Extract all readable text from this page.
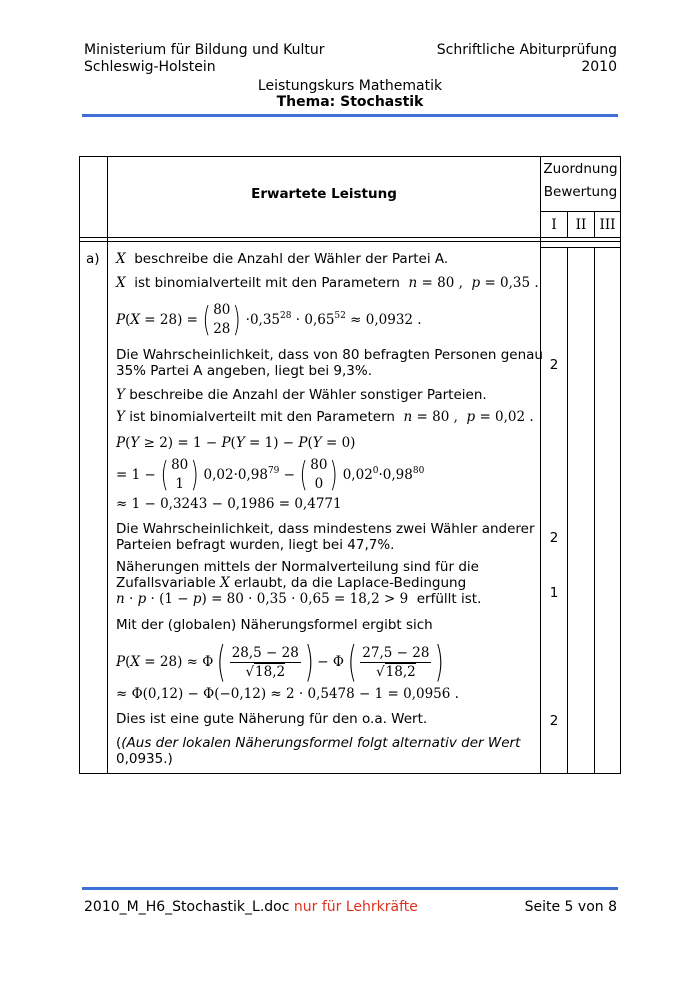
Ministerium für Bildung und Kultur
Schleswig-Holstein
Schriftliche Abiturprüfung
2010
Leistungskurs Mathematik
Thema: Stochastik
Erwartete Leistung
Zuordnung
Bewertung
I	II III
a) X beschreibe die Anzahl der Wähler der Partei A.
X ist binomialverteilt mit den Parametern n = 80 ,  p = 0,35 .
P(X = 28) = ( 80
28 ) $\cdot 0,35^{28} \cdot 0,65^{52} \approx 0,0932$ .
Die Wahrscheinlichkeit, dass von 80 befragten Personen genau
35% Partei A angeben, liegt bei 9,3%.
Y beschreibe die Anzahl der Wähler sonstiger Parteien.
Y ist binomialverteilt mit den Parametern n = 80 ,  p = 0,02 .
P(Y ≥ 2) = 1 − P(Y = 1) − P(Y = 0)
= 1 − ( 80
1 ) $0,02\cdot 0,98^{79}$ − ( 80
0 ) $0,02^0\cdot 0,98^{80}$
≈ 1 − 0,3243 − 0,1986 = 0,4771
Die Wahrscheinlichkeit, dass mindestens zwei Wähler anderer
Parteien befragt wurden, liegt bei 47,7%.
Näherungen mittels der Normalverteilung sind für die
Zufallsvariable X erlaubt, da die Laplace-Bedingung
n · p · (1 − p) = 80 · 0,35 · 0,65 = 18,2 > 9 erfüllt ist.
Mit der (globalen) Näherungsformel ergibt sich
P(X = 28) ≈ Φ ( $\frac{28,5 - 28}{√18,2}$ ) − Φ ( $\frac{27,5 - 28}{√18,2}$ )
≈ Φ(0,12) − Φ(−0,12) ≈ 2 · 0,5478 − 1 = 0,0956 .
Dies ist eine gute Näherung für den o.a. Wert.
((Aus der lokalen Näherungsformel folgt alternativ der Wert
0,0935.)
2
2
1
2
2010_M_H6_Stochastik_L.doc nur für Lehrkräfte	Seite 5 von 8
